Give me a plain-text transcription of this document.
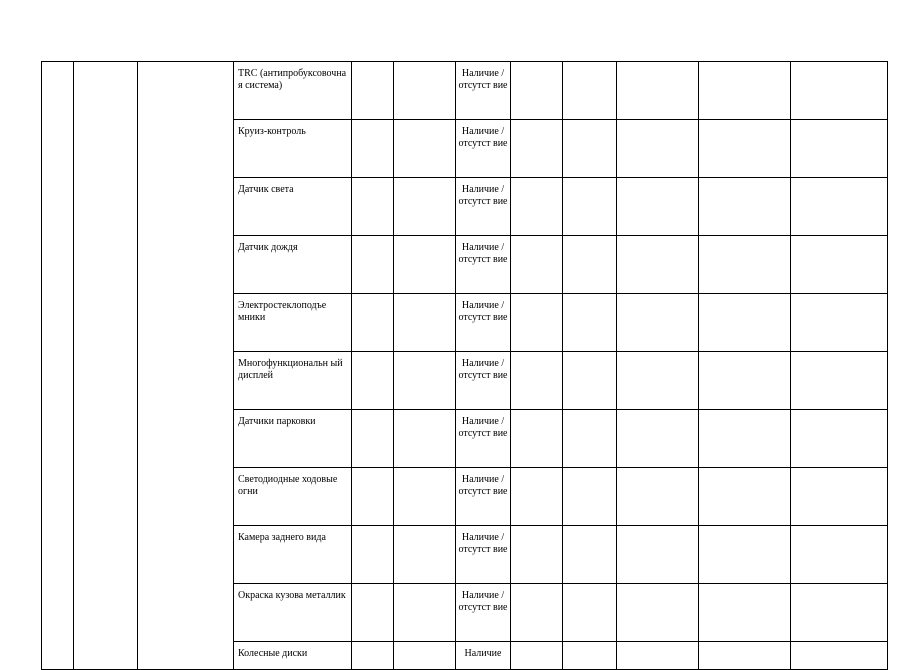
			TRC (антипробуксовочна я система)			Наличие /отсутст вие					
			Круиз-контроль			Наличие /отсутст вие					
			Датчик света			Наличие /отсутст вие					
			Датчик дождя			Наличие /отсутст вие					
			Электростеклоподъе мники			Наличие /отсутст вие					
			Многофункциональн ый дисплей			Наличие /отсутст вие					
			Датчики парковки			Наличие /отсутст вие					
			Светодиодные ходовые огни			Наличие /отсутст вие					
			Камера заднего вида			Наличие /отсутст вие					
			Окраска кузова металлик			Наличие /отсутст вие					
			Колесные диски			Наличие					
